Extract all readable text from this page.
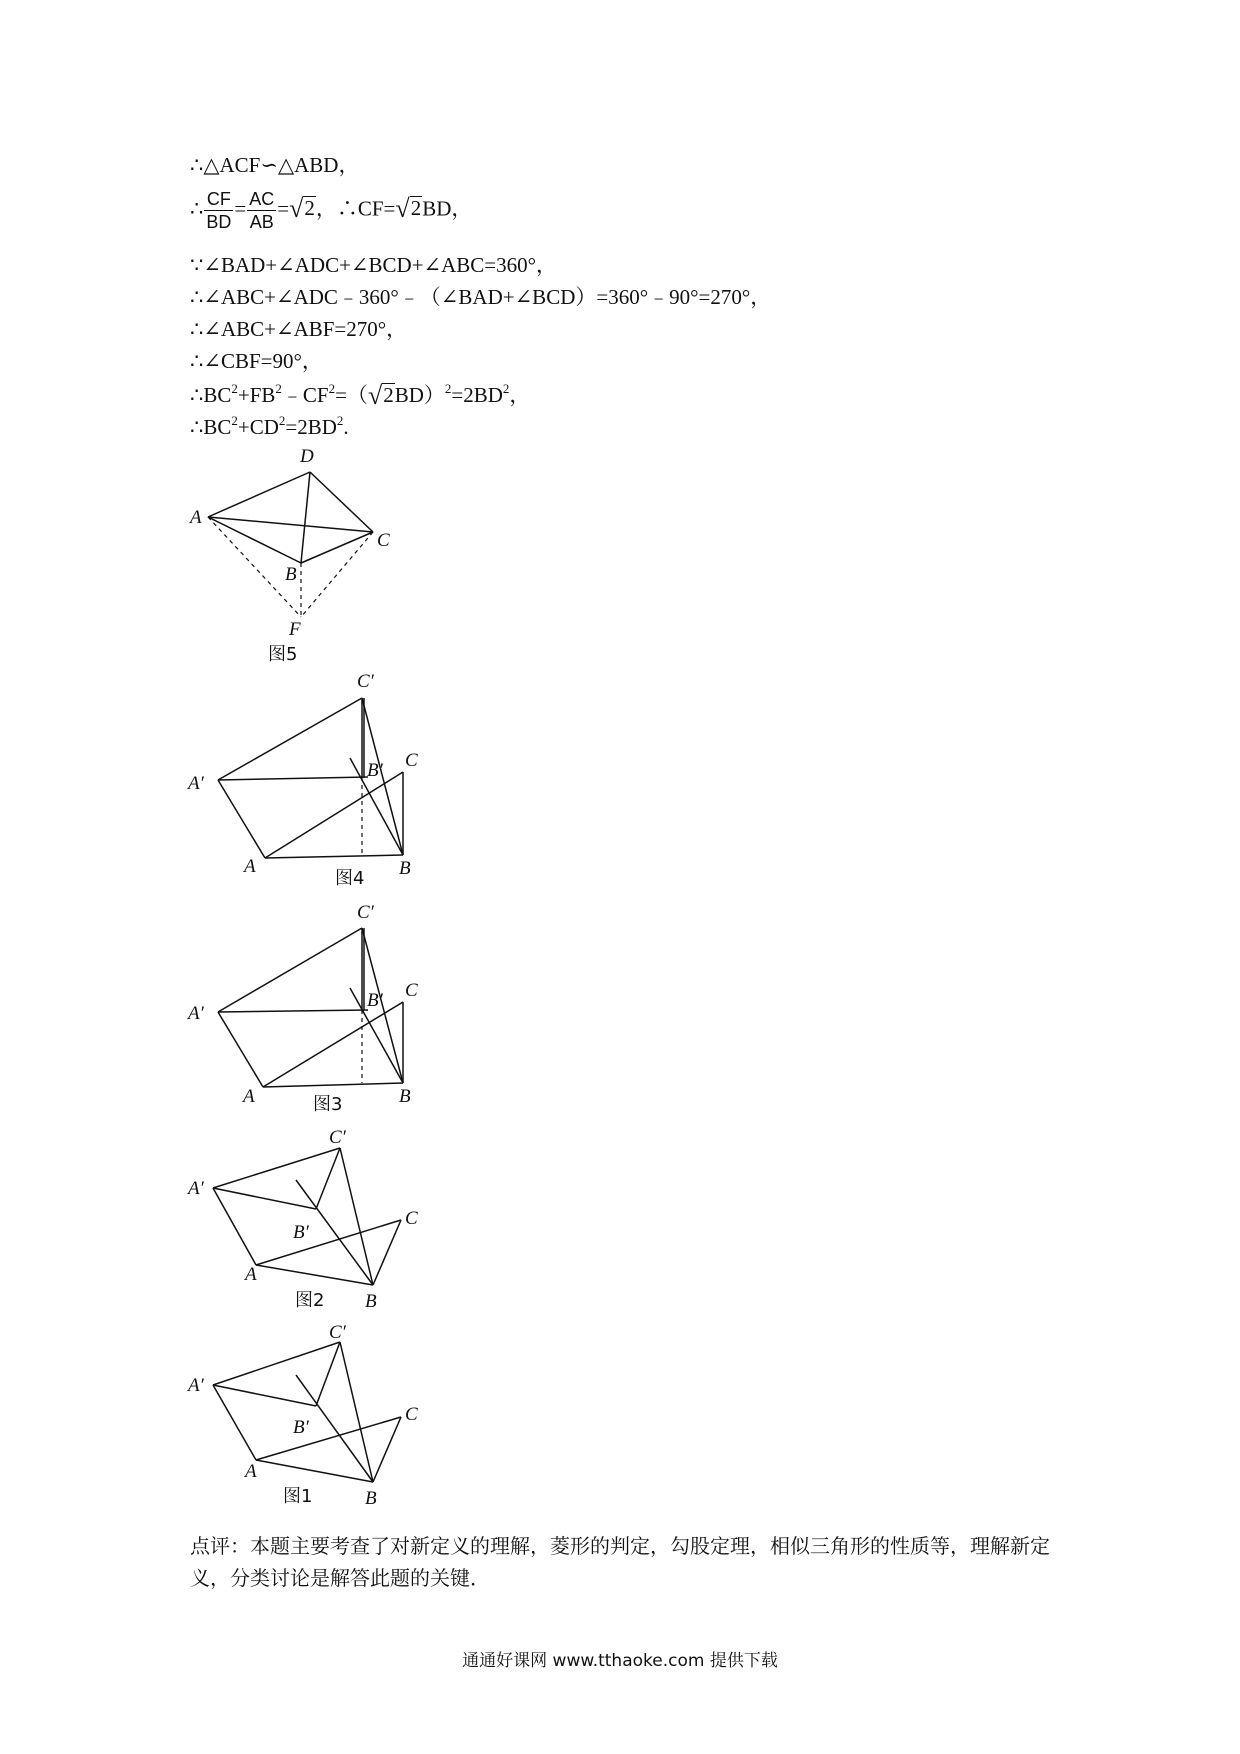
∴△ACF∽△ABD，
∴ $\frac{CF}{BD} = \frac{AC}{AB} =√2$，∴CF=√2BD，
∵∠BAD+∠ADC+∠BCD+∠ABC=360°，
∴∠ABC+∠ADC﹣360°﹣（∠BAD+∠BCD）=360°﹣90°=270°，
∴∠ABC+∠ABF=270°，
∴∠CBF=90°，
$\therefore BC^2+FB^2﹣CF^2=(√2BD)^2=2BD^2$，
$\therefore BC^2+CD^2=2BD^2$.
D
A
C
B
F
图5
C′
C
B′
A′
A	B
图4
C′
C
B′
A′
A	B
图3
C′
A′
C
B′
A
B
图2
C′
A′
C
B′
A
B
图1
点评：本题主要考查了对新定义的理解，菱形的判定，勾股定理，相似三角形的性质等，理解新定义，分类讨论是解答此题的关键．
通通好课网 www.tthaoke.com 提供下载
